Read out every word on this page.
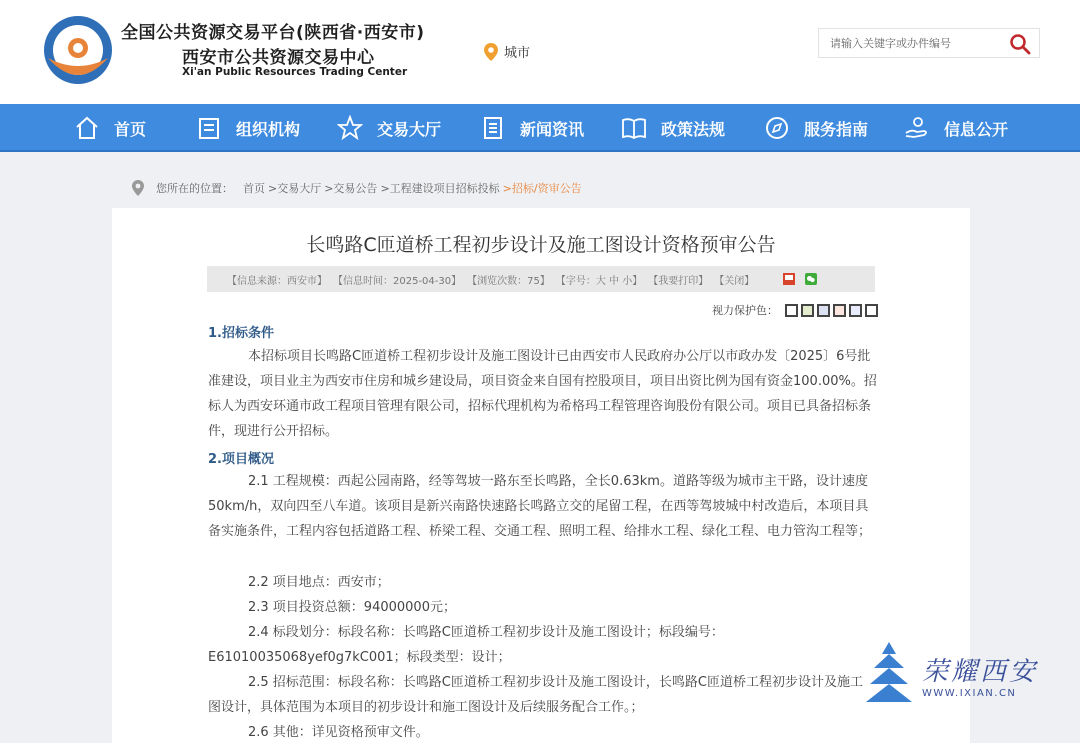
全国公共资源交易平台(陕西省·西安市)
西安市公共资源交易中心
Xi'an Public Resources Trading Center
城市
请输入关键字或办件编号
首页	组织机构	交易大厅	新闻资讯	政策法规	服务指南	信息公开
您所在的位置： 首页 >交易大厅 >交易公告 >工程建设项目招标投标 >招标/资审公告
长鸣路C匝道桥工程初步设计及施工图设计资格预审公告
【信息来源：西安市】 【信息时间：2025-04-30】 【浏览次数：75】 【字号：大 中 小】 【我要打印】 【关闭】
视力保护色：
1.招标条件
本招标项目长鸣路C匝道桥工程初步设计及施工图设计已由西安市人民政府办公厅以市政办发〔2025〕6号批准建设，项目业主为西安市住房和城乡建设局，项目资金来自国有控股项目，项目出资比例为国有资金100.00%。招标人为西安环通市政工程项目管理有限公司，招标代理机构为希格玛工程管理咨询股份有限公司。项目已具备招标条件，现进行公开招标。
2.项目概况
2.1 工程规模：西起公园南路，经等驾坡一路东至长鸣路，全长0.63km。道路等级为城市主干路，设计速度50km/h，双向四至八车道。该项目是新兴南路快速路长鸣路立交的尾留工程，在西等驾坡城中村改造后，本项目具备实施条件，工程内容包括道路工程、桥梁工程、交通工程、照明工程、给排水工程、绿化工程、电力管沟工程等；
2.2 项目地点：西安市；
2.3 项目投资总额：94000000元；
2.4 标段划分：标段名称：长鸣路C匝道桥工程初步设计及施工图设计；标段编号：
E61010035068yef0g7kC001；标段类型：设计；
2.5 招标范围：标段名称：长鸣路C匝道桥工程初步设计及施工图设计，长鸣路C匝道桥工程初步设计及施工
图设计，具体范围为本项目的初步设计和施工图设计及后续服务配合工作。；
2.6 其他：详见资格预审文件。
荣耀西安
WWW.IXIAN.CN
